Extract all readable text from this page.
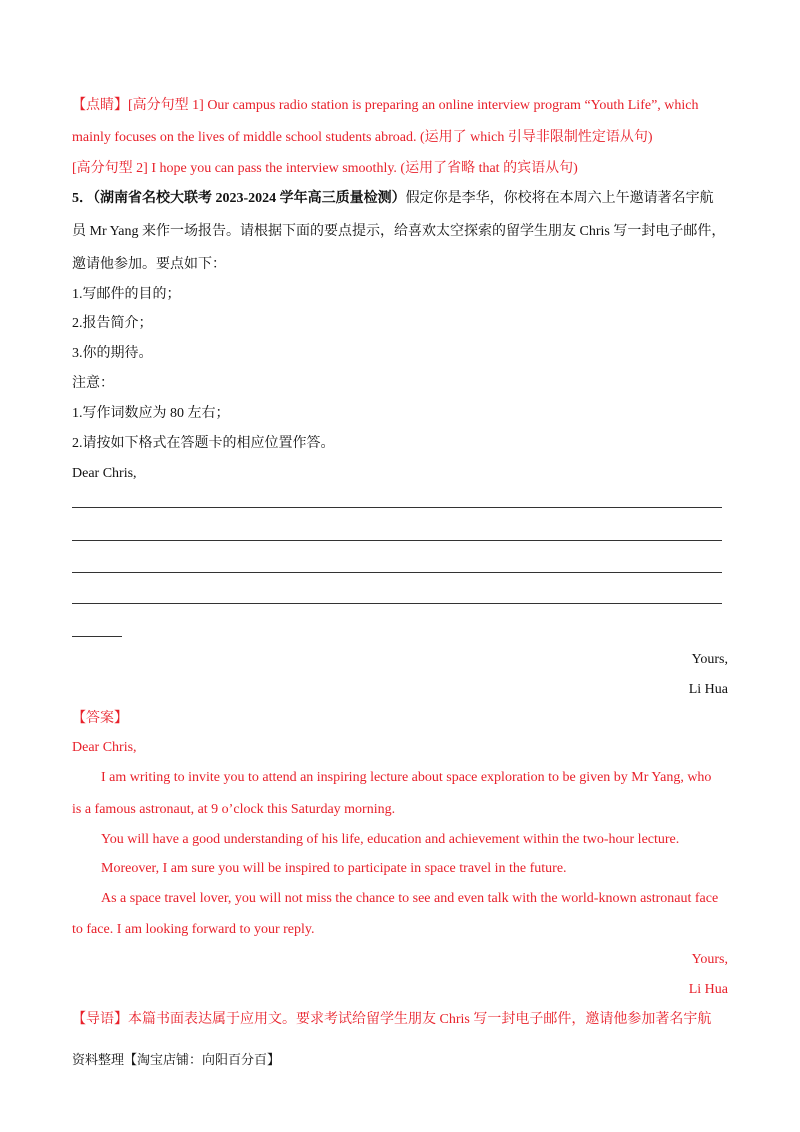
【点睛】[高分句型 1] Our campus radio station is preparing an online interview program “Youth Life”, which
mainly focuses on the lives of middle school students abroad. (运用了 which 引导非限制性定语从句)
[高分句型 2] I hope you can pass the interview smoothly. (运用了省略 that 的宾语从句)
5．（湖南省名校大联考 2023-2024 学年高三质量检测）假定你是李华，你校将在本周六上午邀请著名宇航
员 Mr Yang 来作一场报告。请根据下面的要点提示，给喜欢太空探索的留学生朋友 Chris 写一封电子邮件，
邀请他参加。要点如下：
1.写邮件的目的；
2.报告简介；
3.你的期待。
注意：
1.写作词数应为 80 左右；
2.请按如下格式在答题卡的相应位置作答。
Dear Chris,
Yours,
Li Hua
【答案】
Dear Chris,
I am writing to invite you to attend an inspiring lecture about space exploration to be given by Mr Yang, who
is a famous astronaut, at 9 o’clock this Saturday morning.
You will have a good understanding of his life, education and achievement within the two-hour lecture.
Moreover, I am sure you will be inspired to participate in space travel in the future.
As a space travel lover, you will not miss the chance to see and even talk with the world-known astronaut face
to face. I am looking forward to your reply.
Yours,
Li Hua
【导语】本篇书面表达属于应用文。要求考试给留学生朋友 Chris 写一封电子邮件，邀请他参加著名宇航
资料整理【淘宝店铺：向阳百分百】
